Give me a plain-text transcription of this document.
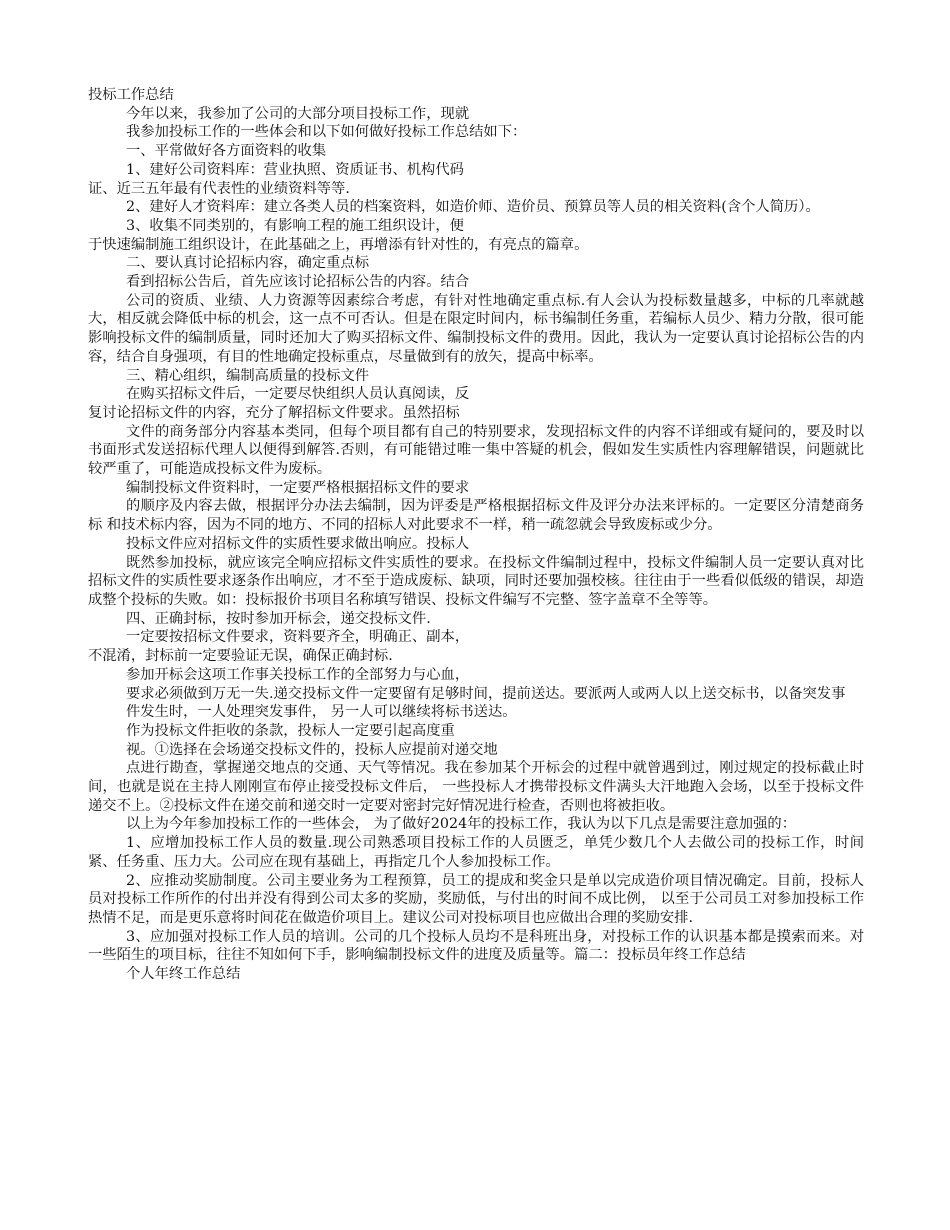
投标工作总结

今年以来，我参加了公司的大部分项目投标工作，现就

我参加投标工作的一些体会和以下如何做好投标工作总结如下：

一、平常做好各方面资料的收集

1、建好公司资料库：营业执照、资质证书、机构代码

证、近三五年最有代表性的业绩资料等等.

2、建好人才资料库：建立各类人员的档案资料，如造价师、造价员、预算员等人员的相关资料(含个人简历）。

3、收集不同类别的，有影响工程的施工组织设计，便

于快速编制施工组织设计，在此基础之上，再增添有针对性的，有亮点的篇章。

二、要认真讨论招标内容，确定重点标

看到招标公告后，首先应该讨论招标公告的内容。结合

公司的资质、业绩、人力资源等因素综合考虑，有针对性地确定重点标.有人会认为投标数量越多，中标的几率就越大，相反就会降低中标的机会，这一点不可否认。但是在限定时间内，标书编制任务重，若编标人员少、精力分散，很可能影响投标文件的编制质量，同时还加大了购买招标文件、编制投标文件的费用。因此，我认为一定要认真讨论招标公告的内容，结合自身强项，有目的性地确定投标重点，尽量做到有的放矢，提高中标率。

三、精心组织，编制高质量的投标文件

在购买招标文件后，一定要尽快组织人员认真阅读，反

复讨论招标文件的内容，充分了解招标文件要求。虽然招标

文件的商务部分内容基本类同，但每个项目都有自己的特别要求，发现招标文件的内容不详细或有疑问的，要及时以书面形式发送招标代理人以便得到解答.否则，有可能错过唯一集中答疑的机会，假如发生实质性内容理解错误，问题就比较严重了，可能造成投标文件为废标。

编制投标文件资料时，一定要严格根据招标文件的要求

的顺序及内容去做，根据评分办法去编制，因为评委是严格根据招标文件及评分办法来评标的。一定要区分清楚商务标 和技术标内容，因为不同的地方、不同的招标人对此要求不一样，稍一疏忽就会导致废标或少分。

投标文件应对招标文件的实质性要求做出响应。投标人

既然参加投标，就应该完全响应招标文件实质性的要求。在投标文件编制过程中，投标文件编制人员一定要认真对比招标文件的实质性要求逐条作出响应，才不至于造成废标、缺项，同时还要加强校核。往往由于一些看似低级的错误，却造成整个投标的失败。如：投标报价书项目名称填写错误、投标文件编写不完整、签字盖章不全等等。

四、正确封标，按时参加开标会，递交投标文件.

一定要按招标文件要求，资料要齐全，明确正、副本，

不混淆，封标前一定要验证无误，确保正确封标.

参加开标会这项工作事关投标工作的全部努力与心血，

要求必须做到万无一失.递交投标文件一定要留有足够时间，提前送达。要派两人或两人以上送交标书，以备突发事

件发生时，一人处理突发事件， 另一人可以继续将标书送达。

作为投标文件拒收的条款，投标人一定要引起高度重

视。①选择在会场递交投标文件的，投标人应提前对递交地

点进行勘查，掌握递交地点的交通、天气等情况。我在参加某个开标会的过程中就曾遇到过，刚过规定的投标截止时间，也就是说在主持人刚刚宣布停止接受投标文件后， 一些投标人才携带投标文件满头大汗地跑入会场，以至于投标文件递交不上。②投标文件在递交前和递交时一定要对密封完好情况进行检查，否则也将被拒收。

以上为今年参加投标工作的一些体会， 为了做好2024年的投标工作，我认为以下几点是需要注意加强的：

1、应增加投标工作人员的数量.现公司熟悉项目投标工作的人员匮乏，单凭少数几个人去做公司的投标工作，时间紧、任务重、压力大。公司应在现有基础上，再指定几个人参加投标工作。

2、应推动奖励制度。公司主要业务为工程预算，员工的提成和奖金只是单以完成造价项目情况确定。目前，投标人员对投标工作所作的付出并没有得到公司太多的奖励，奖励低，与付出的时间不成比例， 以至于公司员工对参加投标工作热情不足，而是更乐意将时间花在做造价项目上。建议公司对投标项目也应做出合理的奖励安排.

3、应加强对投标工作人员的培训。公司的几个投标人员均不是科班出身，对投标工作的认识基本都是摸索而来。对一些陌生的项目标，往往不知如何下手，影响编制投标文件的进度及质量等。篇二：投标员年终工作总结

个人年终工作总结
